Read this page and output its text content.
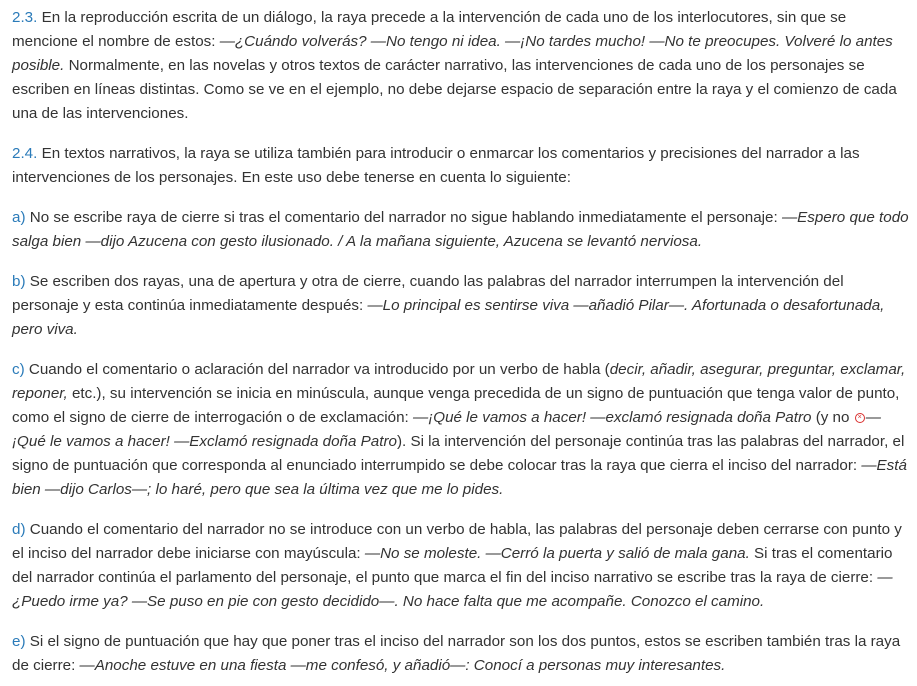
2.3. En la reproducción escrita de un diálogo, la raya precede a la intervención de cada uno de los interlocutores, sin que se mencione el nombre de estos: —¿Cuándo volverás? —No tengo ni idea. —¡No tardes mucho! —No te preocupes. Volveré lo antes posible. Normalmente, en las novelas y otros textos de carácter narrativo, las intervenciones de cada uno de los personajes se escriben en líneas distintas. Como se ve en el ejemplo, no debe dejarse espacio de separación entre la raya y el comienzo de cada una de las intervenciones.

2.4. En textos narrativos, la raya se utiliza también para introducir o enmarcar los comentarios y precisiones del narrador a las intervenciones de los personajes. En este uso debe tenerse en cuenta lo siguiente:

a) No se escribe raya de cierre si tras el comentario del narrador no sigue hablando inmediatamente el personaje: —Espero que todo salga bien —dijo Azucena con gesto ilusionado. / A la mañana siguiente, Azucena se levantó nerviosa.

b) Se escriben dos rayas, una de apertura y otra de cierre, cuando las palabras del narrador interrumpen la intervención del personaje y esta continúa inmediatamente después: —Lo principal es sentirse viva —añadió Pilar—. Afortunada o desafortunada, pero viva.

c) Cuando el comentario o aclaración del narrador va introducido por un verbo de habla (decir, añadir, asegurar, preguntar, exclamar, reponer, etc.), su intervención se inicia en minúscula, aunque venga precedida de un signo de puntuación que tenga valor de punto, como el signo de cierre de interrogación o de exclamación: —¡Qué le vamos a hacer! —exclamó resignada doña Patro (y no × —¡Qué le vamos a hacer! —Exclamó resignada doña Patro). Si la intervención del personaje continúa tras las palabras del narrador, el signo de puntuación que corresponda al enunciado interrumpido se debe colocar tras la raya que cierra el inciso del narrador: —Está bien —dijo Carlos—; lo haré, pero que sea la última vez que me lo pides.

d) Cuando el comentario del narrador no se introduce con un verbo de habla, las palabras del personaje deben cerrarse con punto y el inciso del narrador debe iniciarse con mayúscula: —No se moleste. —Cerró la puerta y salió de mala gana. Si tras el comentario del narrador continúa el parlamento del personaje, el punto que marca el fin del inciso narrativo se escribe tras la raya de cierre: —¿Puedo irme ya? —Se puso en pie con gesto decidido—. No hace falta que me acompañe. Conozco el camino.

e) Si el signo de puntuación que hay que poner tras el inciso del narrador son los dos puntos, estos se escriben también tras la raya de cierre: —Anoche estuve en una fiesta —me confesó, y añadió—: Conocí a personas muy interesantes.
